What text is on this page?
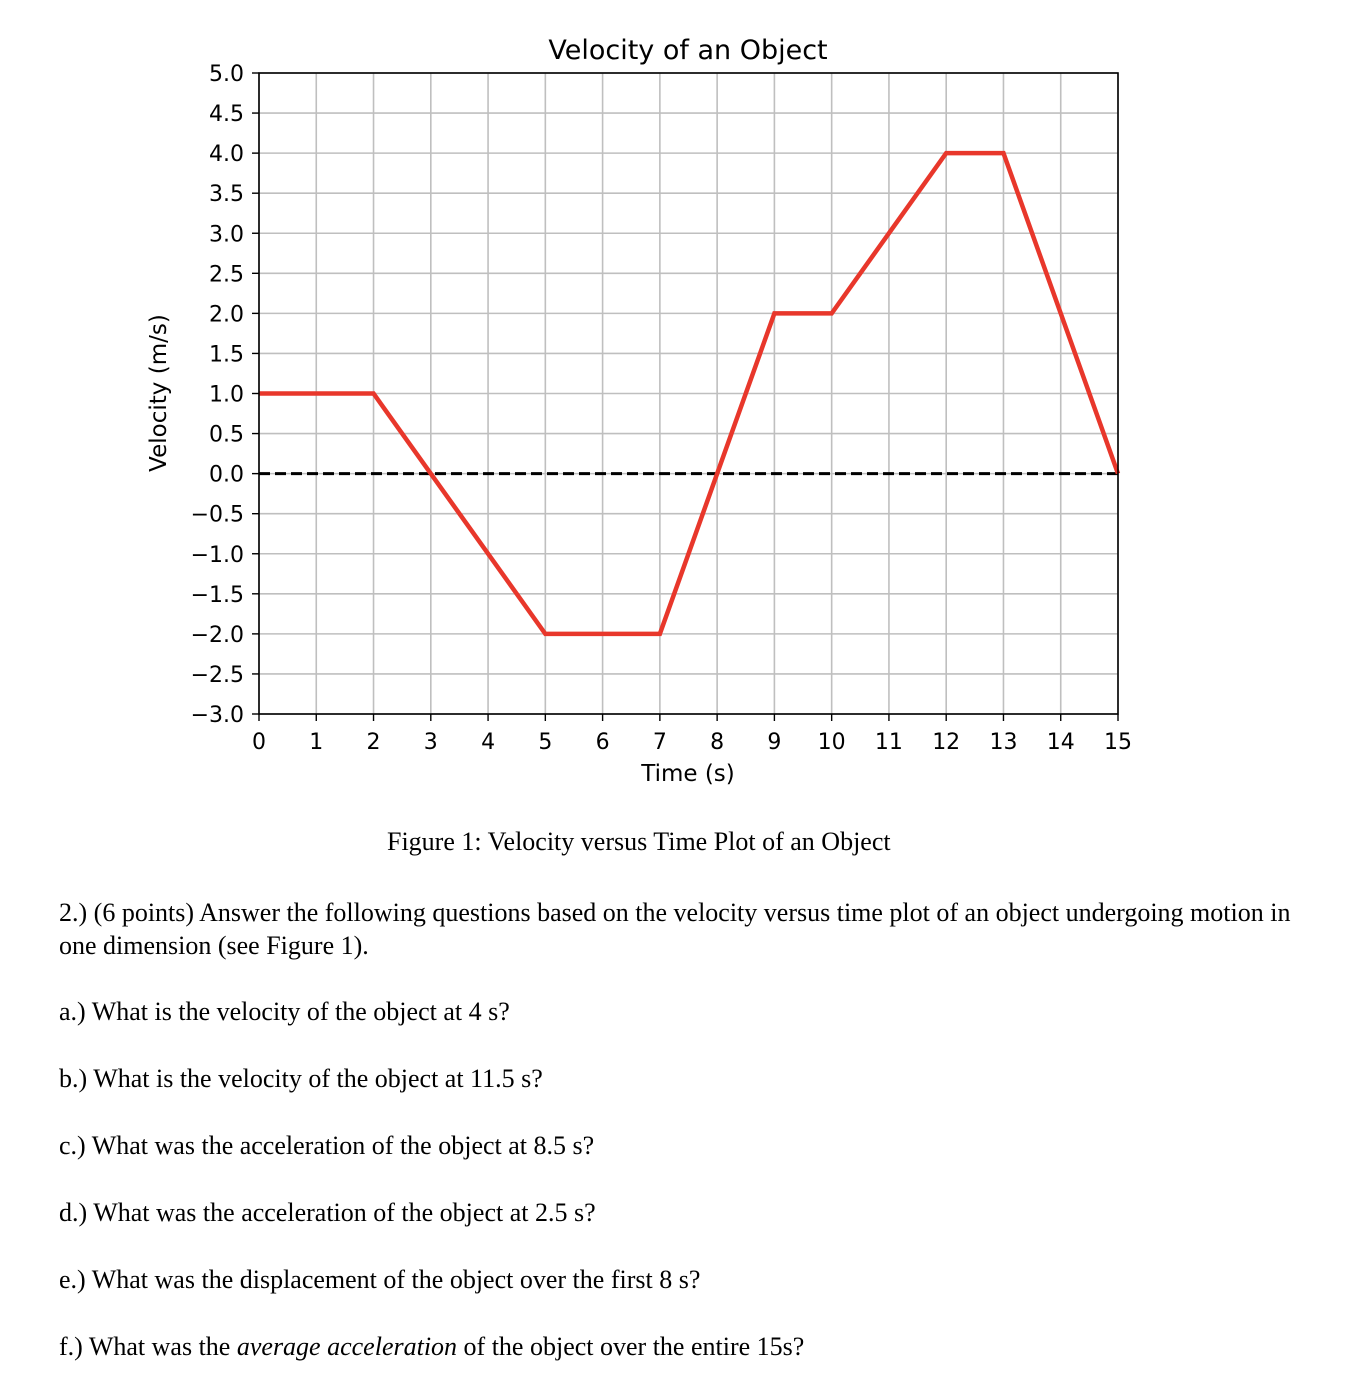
0 1 2 3 4 5 6 7 8 9 10 11 12 13 14 15
5.0
4.5
4.0
3.5
3.0
2.5
2.0
1.5
1.0
0.5
0.0
−0.5
−1.0
−1.5
−2.0
−2.5
−3.0
Velocity of an Object
Time (s)
Velocity (m/s)
Figure 1: Velocity versus Time Plot of an Object
2.) (6 points) Answer the following questions based on the velocity versus time plot of an object undergoing motion in one dimension (see Figure 1).
a.) What is the velocity of the object at 4 s?
b.) What is the velocity of the object at 11.5 s?
c.) What was the acceleration of the object at 8.5 s?
d.) What was the acceleration of the object at 2.5 s?
e.) What was the displacement of the object over the first 8 s?
f.) What was the average acceleration of the object over the entire 15s?
